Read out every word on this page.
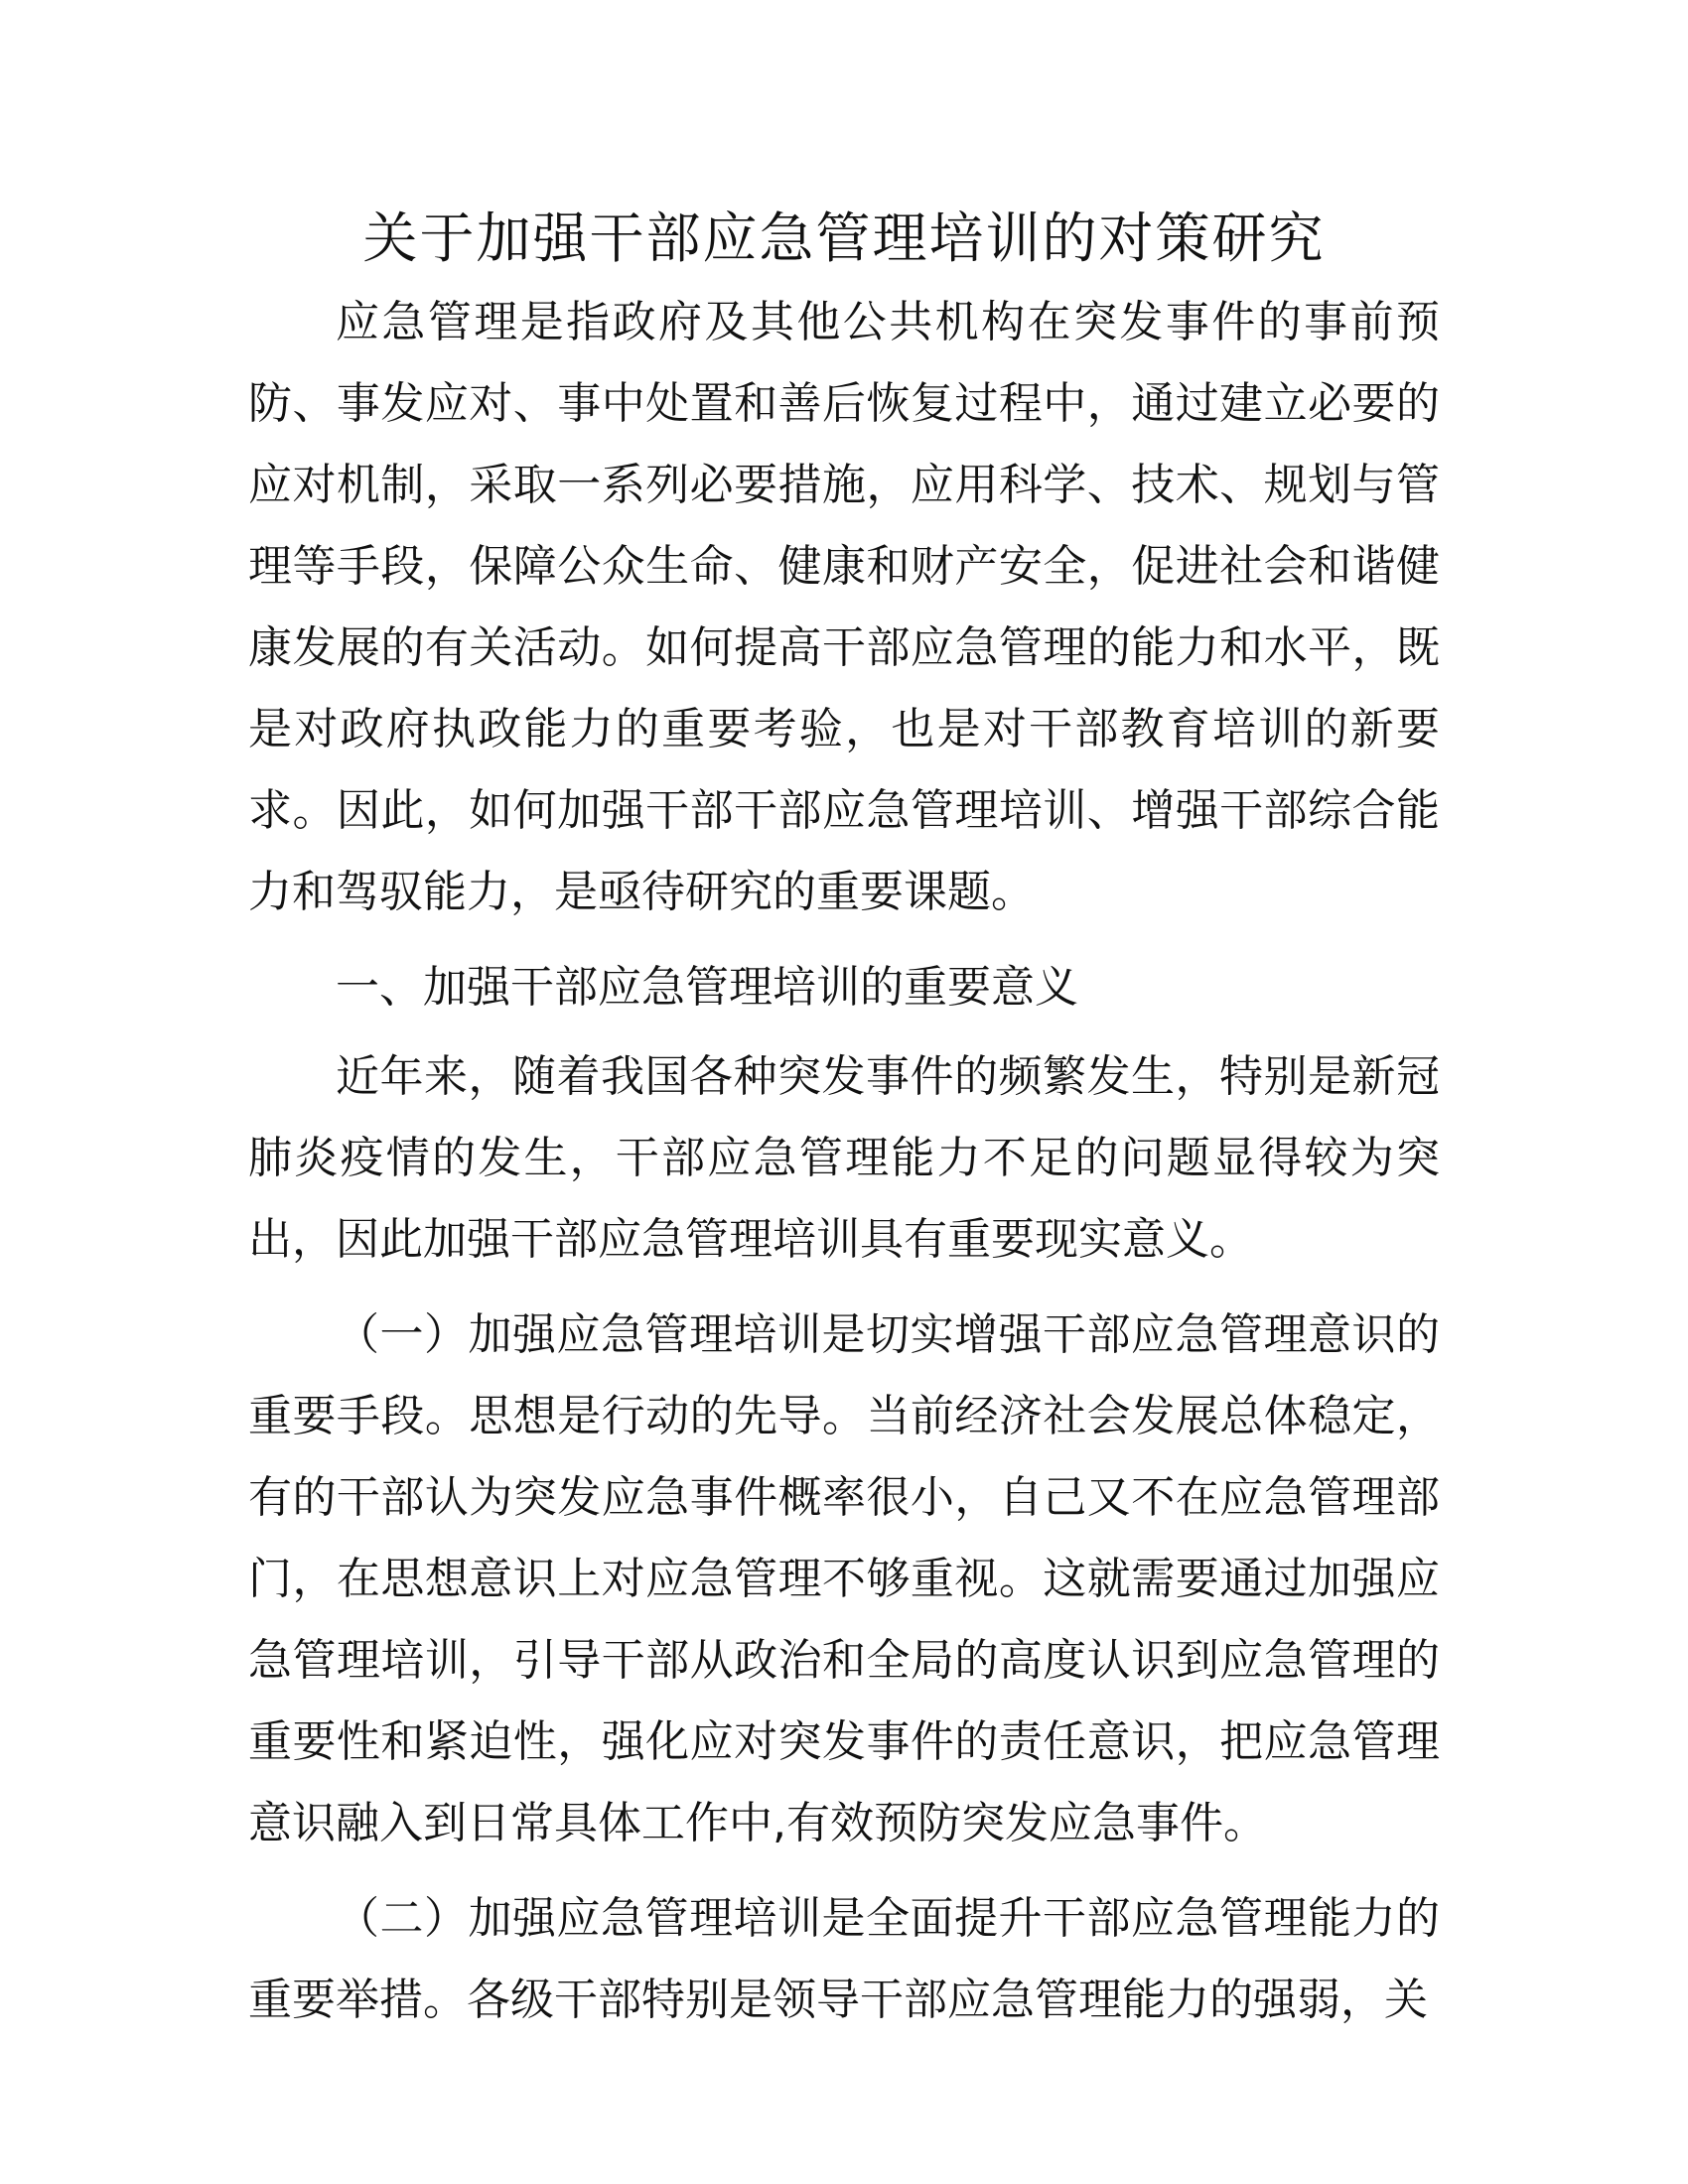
关于加强干部应急管理培训的对策研究

应急管理是指政府及其他公共机构在突发事件的事前预防、事发应对、事中处置和善后恢复过程中，通过建立必要的应对机制，采取一系列必要措施，应用科学、技术、规划与管理等手段，保障公众生命、健康和财产安全，促进社会和谐健康发展的有关活动。如何提高干部应急管理的能力和水平，既是对政府执政能力的重要考验，也是对干部教育培训的新要求。因此，如何加强干部干部应急管理培训、增强干部综合能力和驾驭能力，是亟待研究的重要课题。

一、加强干部应急管理培训的重要意义

近年来，随着我国各种突发事件的频繁发生，特别是新冠肺炎疫情的发生，干部应急管理能力不足的问题显得较为突出，因此加强干部应急管理培训具有重要现实意义。

（一）加强应急管理培训是切实增强干部应急管理意识的重要手段。思想是行动的先导。当前经济社会发展总体稳定，有的干部认为突发应急事件概率很小，自己又不在应急管理部门，在思想意识上对应急管理不够重视。这就需要通过加强应急管理培训，引导干部从政治和全局的高度认识到应急管理的重要性和紧迫性，强化应对突发事件的责任意识，把应急管理意识融入到日常具体工作中,有效预防突发应急事件。

（二）加强应急管理培训是全面提升干部应急管理能力的重要举措。各级干部特别是领导干部应急管理能力的强弱，关
